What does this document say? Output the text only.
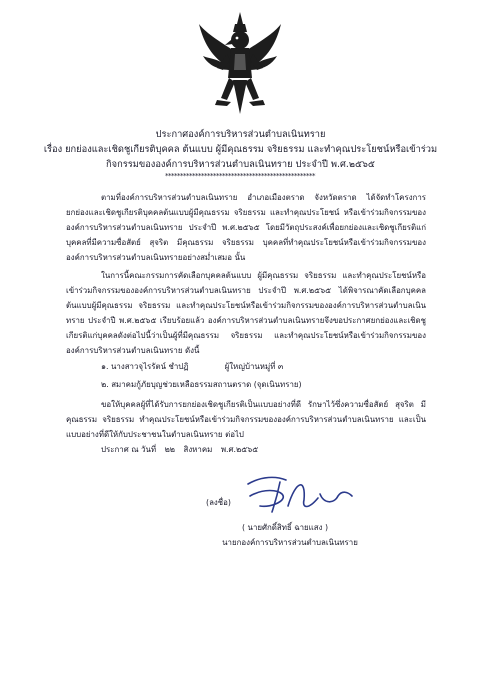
ประกาศองค์การบริหารส่วนตำบลเนินทราย
เรื่อง ยกย่องและเชิดชูเกียรติบุคคล ต้นแบบ ผู้มีคุณธรรม จริยธรรม และทำคุณประโยชน์หรือเข้าร่วม
กิจกรรมขององค์การบริหารส่วนตำบลเนินทราย ประจำปี พ.ศ.๒๕๖๕
**************************************************
ตามที่องค์การบริหารส่วนตำบลเนินทราย อำเภอเมืองตราด จังหวัดตราด ได้จัดทำโครงการยกย่องและเชิดชูเกียรติบุคคลต้นแบบผู้มีคุณธรรม จริยธรรม และทำคุณประโยชน์ หรือเข้าร่วมกิจกรรมขององค์การบริหารส่วนตำบลเนินทราย ประจำปี พ.ศ.๒๕๖๕ โดยมีวัตถุประสงค์เพื่อยกย่องและเชิดชูเกียรติแก่บุคคลที่มีความซื่อสัตย์ สุจริต มีคุณธรรม จริยธรรม บุคคลที่ทำคุณประโยชน์หรือเข้าร่วมกิจกรรมขององค์การบริหารส่วนตำบลเนินทรายอย่างสม่ำเสมอ นั้น
ในการนี้คณะกรรมการคัดเลือกบุคคลต้นแบบ ผู้มีคุณธรรม จริยธรรม และทำคุณประโยชน์หรือเข้าร่วมกิจกรรมขององค์การบริหารส่วนตำบลเนินทราย ประจำปี พ.ศ.๒๕๖๕ ได้พิจารณาคัดเลือกบุคคลต้นแบบผู้มีคุณธรรม จริยธรรม และทำคุณประโยชน์หรือเข้าร่วมกิจกรรมขององค์การบริหารส่วนตำบลเนินทราย ประจำปี พ.ศ.๒๕๖๕ เรียบร้อยแล้ว องค์การบริหารส่วนตำบลเนินทรายจึงขอประกาศยกย่องและเชิดชูเกียรติแก่บุคคลดังต่อไปนี้ว่าเป็นผู้ที่มีคุณธรรม จริยธรรม และทำคุณประโยชน์หรือเข้าร่วมกิจกรรมขององค์การบริหารส่วนตำบลเนินทราย ดังนี้
๑. นางสาวจุไรรัตน์ ชำปฏิ	ผู้ใหญ่บ้านหมู่ที่ ๓
๒. สมาคมกู้ภัยบุญช่วยเหลือธรรมสถานตราด (จุดเนินทราย)
ขอให้บุคคลผู้ที่ได้รับการยกย่องเชิดชูเกียรติเป็นแบบอย่างที่ดี รักษาไว้ซึ่งความซื่อสัตย์ สุจริต มีคุณธรรม จริยธรรม ทำคุณประโยชน์หรือเข้าร่วมกิจกรรมขององค์การบริหารส่วนตำบลเนินทราย และเป็นแบบอย่างที่ดีให้กับประชาชนในตำบลเนินทราย ต่อไป
ประกาศ ณ วันที่ ๒๒ สิงหาคม พ.ศ.๒๕๖๕
(ลงชื่อ)
( นายศักดิ์สิทธิ์ ฉายแสง )
นายกองค์การบริหารส่วนตำบลเนินทราย
